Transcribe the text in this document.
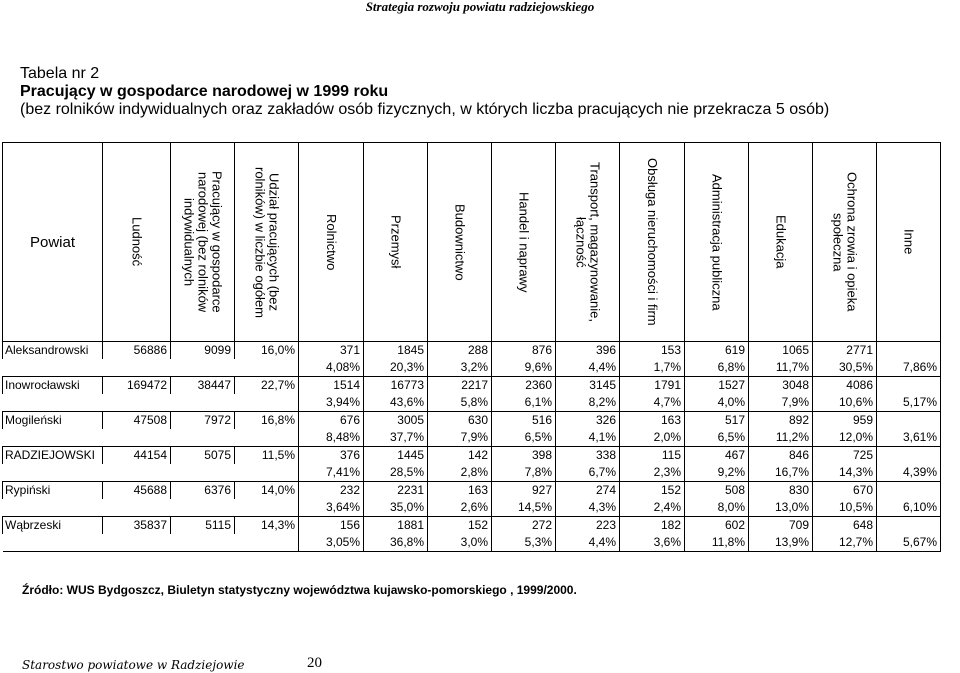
Strategia rozwoju powiatu radziejowskiego
Tabela nr 2
Pracujący w gospodarce narodowej w 1999 roku
(bez rolników indywidualnych oraz zakładów osób fizycznych, w których liczba pracujących nie przekracza 5 osób)
Powiat	Ludność	Pracujący w gospodarce
narodowej (bez rolników
indywidualnych	Udział pracujących (bez
rolników) w liczbie ogółem	Rolnictwo	Przemysł	Budownictwo	Handel i naprawy	Transport, magazynowanie,
łączność	Obsługa nieruchomości i firm	Administracja publiczna	Edukacja	Ochrona zrowia i opieka
społeczna	Inne

Aleksandrowski	56886	9099	16,0%	371	1845	288	876	396	153	619	1065	2771	
				4,08%	20,3%	3,2%	9,6%	4,4%	1,7%	6,8%	11,7%	30,5%	7,86%
Inowrocławski	169472	38447	22,7%	1514	16773	2217	2360	3145	1791	1527	3048	4086	
				3,94%	43,6%	5,8%	6,1%	8,2%	4,7%	4,0%	7,9%	10,6%	5,17%
Mogileński	47508	7972	16,8%	676	3005	630	516	326	163	517	892	959	
				8,48%	37,7%	7,9%	6,5%	4,1%	2,0%	6,5%	11,2%	12,0%	3,61%
RADZIEJOWSKI	44154	5075	11,5%	376	1445	142	398	338	115	467	846	725	
				7,41%	28,5%	2,8%	7,8%	6,7%	2,3%	9,2%	16,7%	14,3%	4,39%
Rypiński	45688	6376	14,0%	232	2231	163	927	274	152	508	830	670	
				3,64%	35,0%	2,6%	14,5%	4,3%	2,4%	8,0%	13,0%	10,5%	6,10%
Wąbrzeski	35837	5115	14,3%	156	1881	152	272	223	182	602	709	648	
				3,05%	36,8%	3,0%	5,3%	4,4%	3,6%	11,8%	13,9%	12,7%	5,67%
Źródło: WUS Bydgoszcz, Biuletyn statystyczny województwa kujawsko-pomorskiego , 1999/2000.
Starostwo powiatowe w Radziejowie	20
